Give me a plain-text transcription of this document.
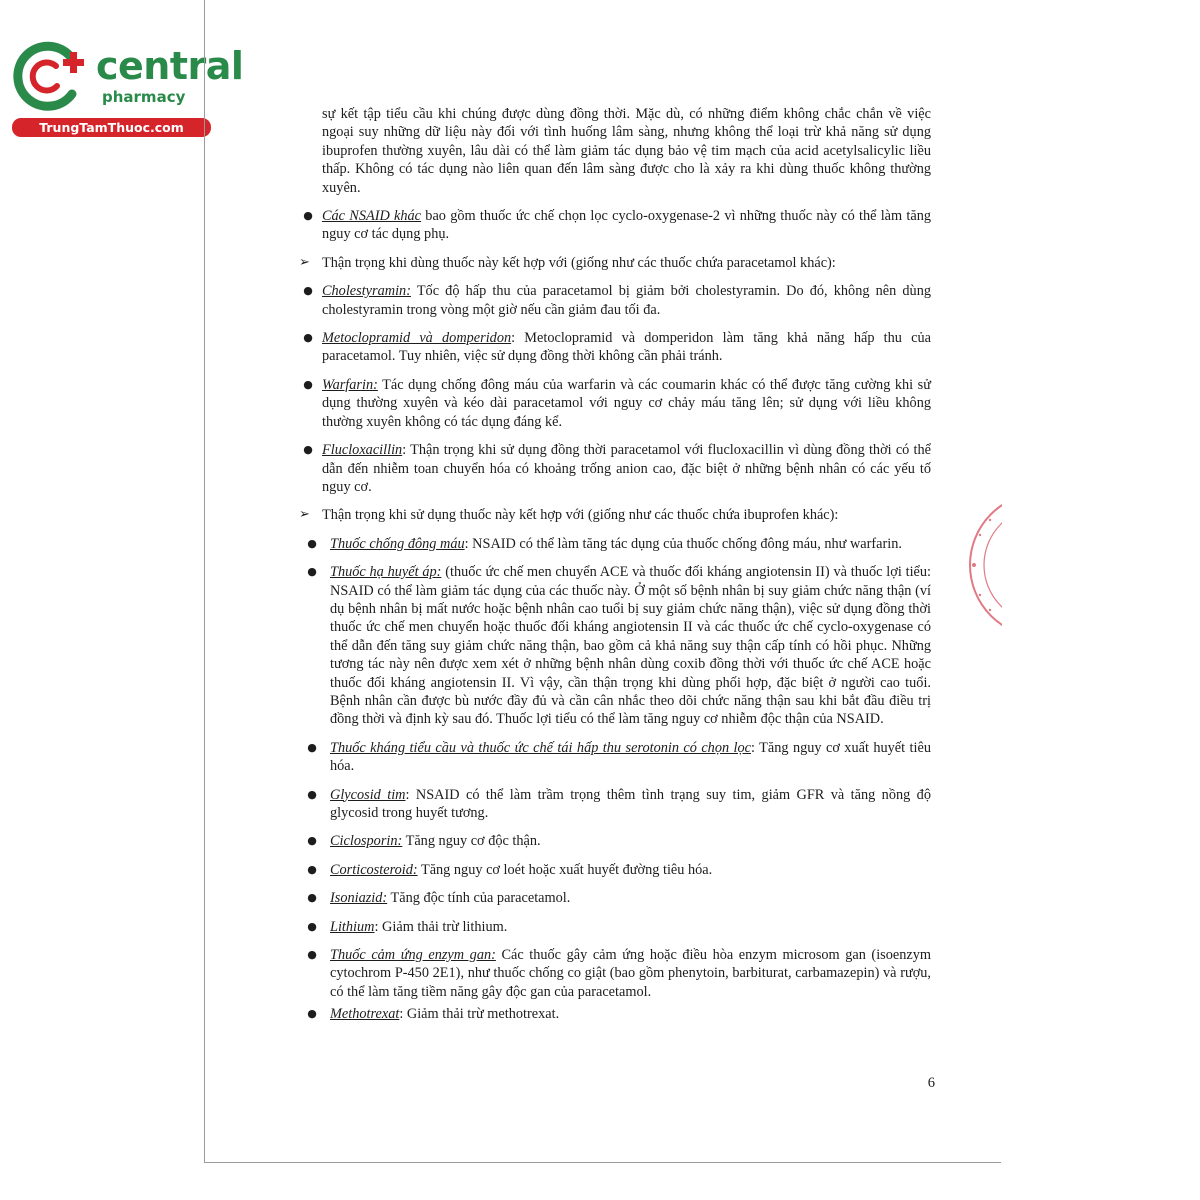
central
pharmacy
TrungTamThuoc.com

sự kết tập tiểu cầu khi chúng được dùng đồng thời. Mặc dù, có những điểm không chắc chắn về việc ngoại suy những dữ liệu này đối với tình huống lâm sàng, nhưng không thể loại trừ khả năng sử dụng ibuprofen thường xuyên, lâu dài có thể làm giảm tác dụng bảo vệ tim mạch của acid acetylsalicylic liều thấp. Không có tác dụng nào liên quan đến lâm sàng được cho là xảy ra khi dùng thuốc không thường xuyên.

● Các NSAID khác bao gồm thuốc ức chế chọn lọc cyclo-oxygenase-2 vì những thuốc này có thể làm tăng nguy cơ tác dụng phụ.
➢ Thận trọng khi dùng thuốc này kết hợp với (giống như các thuốc chứa paracetamol khác):
● Cholestyramin: Tốc độ hấp thu của paracetamol bị giảm bởi cholestyramin. Do đó, không nên dùng cholestyramin trong vòng một giờ nếu cần giảm đau tối đa.
● Metoclopramid và domperidon: Metoclopramid và domperidon làm tăng khả năng hấp thu của paracetamol. Tuy nhiên, việc sử dụng đồng thời không cần phải tránh.
● Warfarin: Tác dụng chống đông máu của warfarin và các coumarin khác có thể được tăng cường khi sử dụng thường xuyên và kéo dài paracetamol với nguy cơ chảy máu tăng lên; sử dụng với liều không thường xuyên không có tác dụng đáng kể.
● Flucloxacillin: Thận trọng khi sử dụng đồng thời paracetamol với flucloxacillin vì dùng đồng thời có thể dẫn đến nhiễm toan chuyển hóa có khoảng trống anion cao, đặc biệt ở những bệnh nhân có các yếu tố nguy cơ.
➢ Thận trọng khi sử dụng thuốc này kết hợp với (giống như các thuốc chứa ibuprofen khác):
● Thuốc chống đông máu: NSAID có thể làm tăng tác dụng của thuốc chống đông máu, như warfarin.
● Thuốc hạ huyết áp: (thuốc ức chế men chuyển ACE và thuốc đối kháng angiotensin II) và thuốc lợi tiểu: NSAID có thể làm giảm tác dụng của các thuốc này. Ở một số bệnh nhân bị suy giảm chức năng thận (ví dụ bệnh nhân bị mất nước hoặc bệnh nhân cao tuổi bị suy giảm chức năng thận), việc sử dụng đồng thời thuốc ức chế men chuyển hoặc thuốc đối kháng angiotensin II và các thuốc ức chế cyclo-oxygenase có thể dẫn đến tăng suy giảm chức năng thận, bao gồm cả khả năng suy thận cấp tính có hồi phục. Những tương tác này nên được xem xét ở những bệnh nhân dùng coxib đồng thời với thuốc ức chế ACE hoặc thuốc đối kháng angiotensin II. Vì vậy, cần thận trọng khi dùng phối hợp, đặc biệt ở người cao tuổi. Bệnh nhân cần được bù nước đầy đủ và cần cân nhắc theo dõi chức năng thận sau khi bắt đầu điều trị đồng thời và định kỳ sau đó. Thuốc lợi tiểu có thể làm tăng nguy cơ nhiễm độc thận của NSAID.
● Thuốc kháng tiểu cầu và thuốc ức chế tái hấp thu serotonin có chọn lọc: Tăng nguy cơ xuất huyết tiêu hóa.
● Glycosid tim: NSAID có thể làm trầm trọng thêm tình trạng suy tim, giảm GFR và tăng nồng độ glycosid trong huyết tương.
● Ciclosporin: Tăng nguy cơ độc thận.
● Corticosteroid: Tăng nguy cơ loét hoặc xuất huyết đường tiêu hóa.
● Isoniazid: Tăng độc tính của paracetamol.
● Lithium: Giảm thải trừ lithium.
● Thuốc cảm ứng enzym gan: Các thuốc gây cảm ứng hoặc điều hòa enzym microsom gan (isoenzym cytochrom P-450 2E1), như thuốc chống co giật (bao gồm phenytoin, barbiturat, carbamazepin) và rượu, có thể làm tăng tiềm năng gây độc gan của paracetamol.
● Methotrexat: Giảm thải trừ methotrexat.
6
